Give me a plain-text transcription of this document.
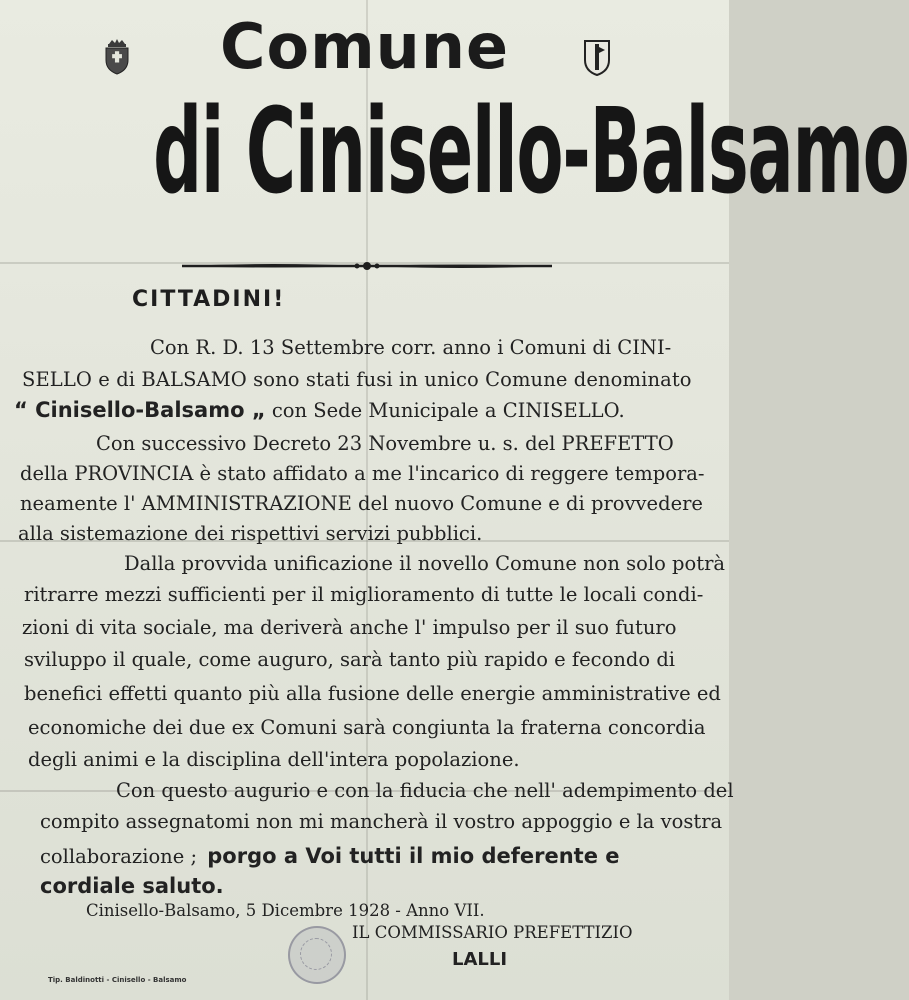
Comune
di Cinisello-Balsamo
CITTADINI!
Con R. D. 13 Settembre corr. anno i Comuni di CINI-
SELLO e di BALSAMO sono stati fusi in unico Comune denominato
“ Cinisello-Balsamo „ con Sede Municipale a CINISELLO.
Con successivo Decreto 23 Novembre u. s. del PREFETTO
della PROVINCIA è stato affidato a me l'incarico di reggere tempora-
neamente l' AMMINISTRAZIONE del nuovo Comune e di provvedere
alla sistemazione dei rispettivi servizi pubblici.
Dalla provvida unificazione il novello Comune non solo potrà
ritrarre mezzi sufficienti per il miglioramento di tutte le locali condi-
zioni di vita sociale, ma deriverà anche l' impulso per il suo futuro
sviluppo il quale, come auguro, sarà tanto più rapido e fecondo di
benefici effetti quanto più alla fusione delle energie amministrative ed
economiche dei due ex Comuni sarà congiunta la fraterna concordia
degli animi e la disciplina dell'intera popolazione.
Con questo augurio e con la fiducia che nell' adempimento del
compito assegnatomi non mi mancherà il vostro appoggio e la vostra
collaborazione ; porgo a Voi tutti il mio deferente e
cordiale saluto.
Cinisello-Balsamo, 5 Dicembre 1928 - Anno VII.
IL COMMISSARIO PREFETTIZIO
LALLI
Tip. Baldinotti - Cinisello - Balsamo
